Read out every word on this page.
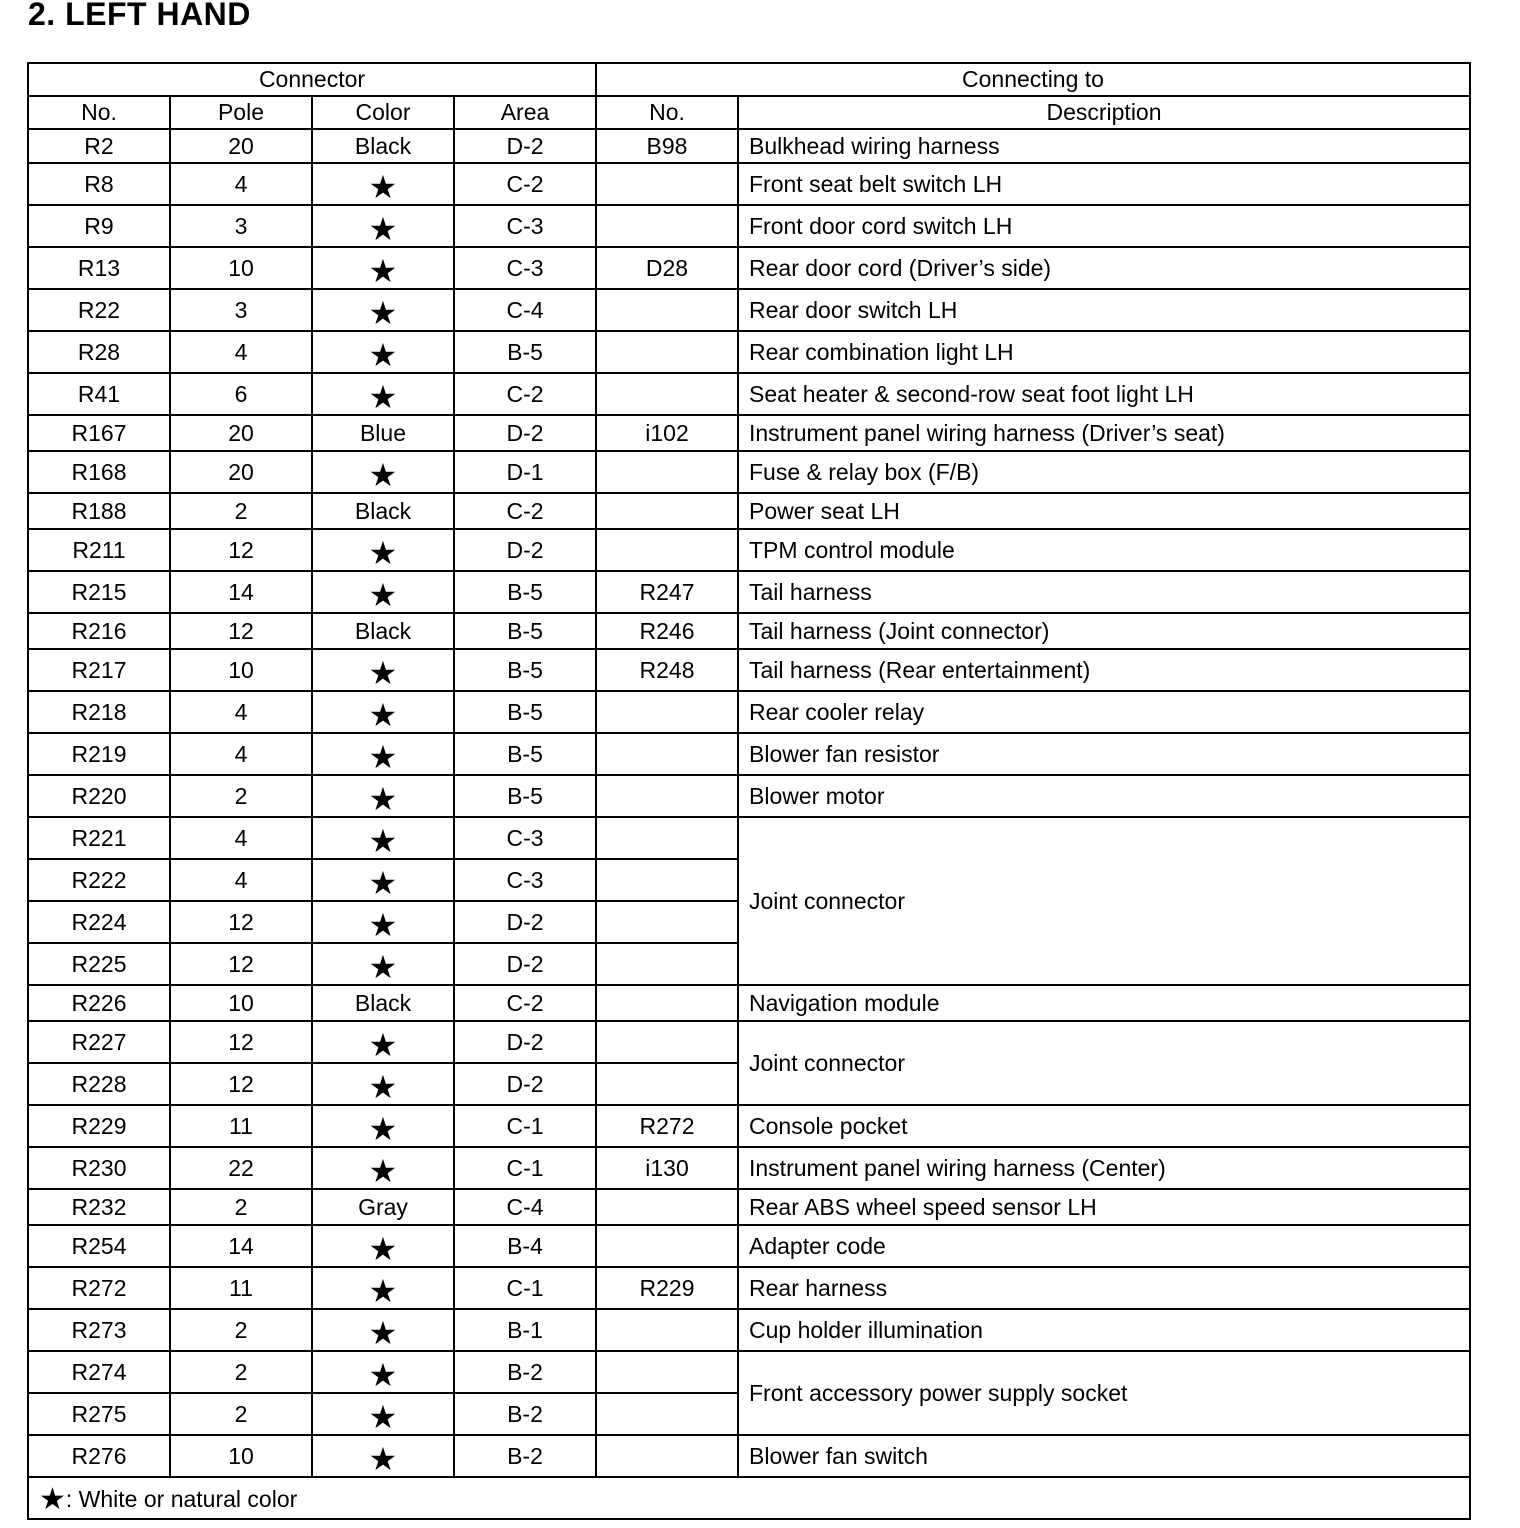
2. LEFT HAND
Connector				Connecting to	
No.	Pole	Color	Area	No.	Description
R2	20	Black	D-2	B98	Bulkhead wiring harness
R8	4	★	C-2		Front seat belt switch LH
R9	3	★	C-3		Front door cord switch LH
R13	10	★	C-3	D28	Rear door cord (Driver’s side)
R22	3	★	C-4		Rear door switch LH
R28	4	★	B-5		Rear combination light LH
R41	6	★	C-2		Seat heater & second-row seat foot light LH
R167	20	Blue	D-2	i102	Instrument panel wiring harness (Driver’s seat)
R168	20	★	D-1		Fuse & relay box (F/B)
R188	2	Black	C-2		Power seat LH
R211	12	★	D-2		TPM control module
R215	14	★	B-5	R247	Tail harness
R216	12	Black	B-5	R246	Tail harness (Joint connector)
R217	10	★	B-5	R248	Tail harness (Rear entertainment)
R218	4	★	B-5		Rear cooler relay
R219	4	★	B-5		Blower fan resistor
R220	2	★	B-5		Blower motor
R221	4	★	C-3		Joint connector
R222	4	★	C-3		
R224	12	★	D-2		
R225	12	★	D-2		
R226	10	Black	C-2		Navigation module
R227	12	★	D-2		Joint connector
R228	12	★	D-2		
R229	11	★	C-1	R272	Console pocket
R230	22	★	C-1	i130	Instrument panel wiring harness (Center)
R232	2	Gray	C-4		Rear ABS wheel speed sensor LH
R254	14	★	B-4		Adapter code
R272	11	★	C-1	R229	Rear harness
R273	2	★	B-1		Cup holder illumination
R274	2	★	B-2		Front accessory power supply socket
R275	2	★	B-2		
R276	10	★	B-2		Blower fan switch
★: White or natural color					
